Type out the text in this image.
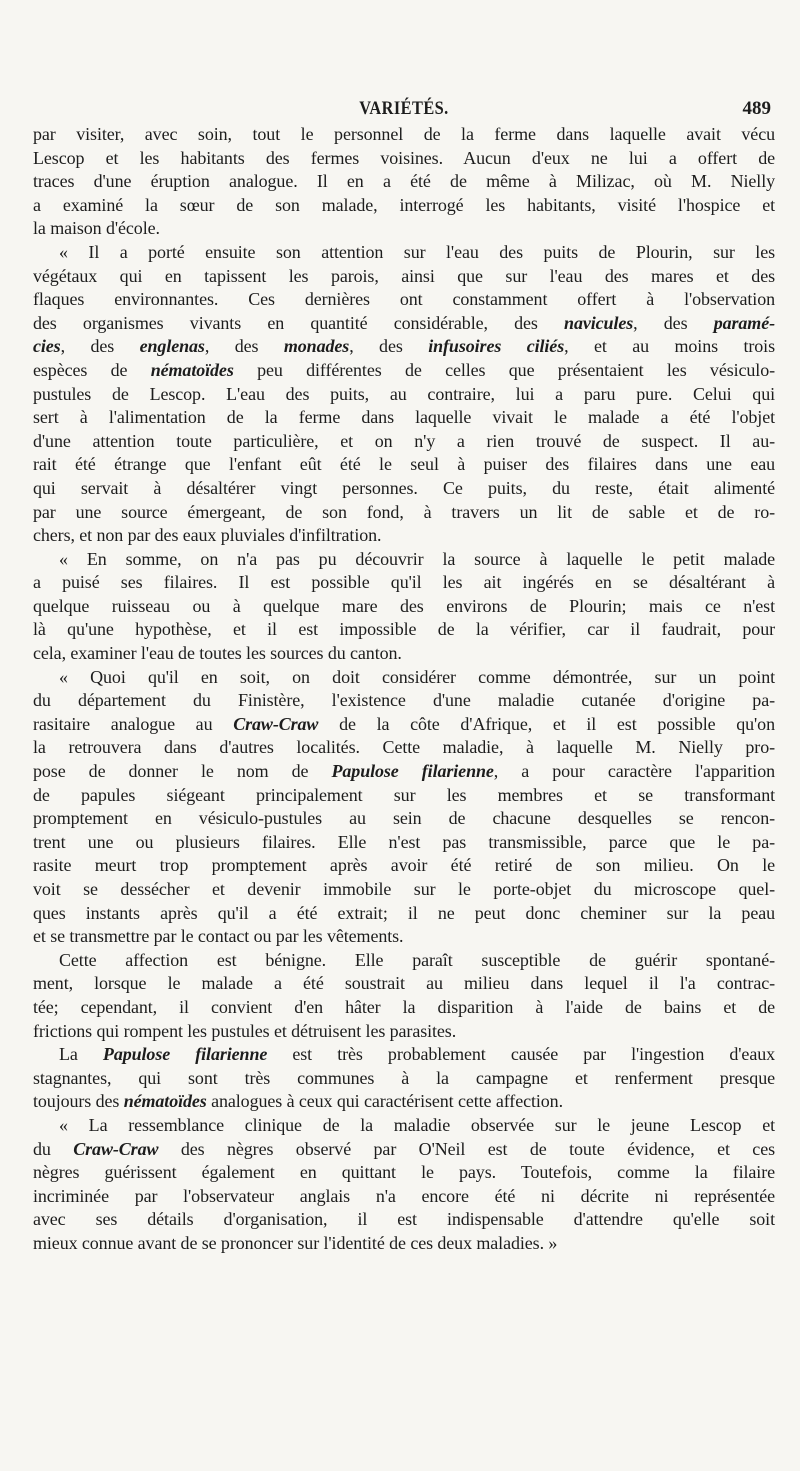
VARIÉTÉS.	489

par visiter, avec soin, tout le personnel de la ferme dans laquelle avait vécu
Lescop et les habitants des fermes voisines. Aucun d'eux ne lui a offert de
traces d'une éruption analogue. Il en a été de même à Milizac, où M. Nielly
a examiné la sœur de son malade, interrogé les habitants, visité l'hospice et
la maison d'école.

« Il a porté ensuite son attention sur l'eau des puits de Plourin, sur les
végétaux qui en tapissent les parois, ainsi que sur l'eau des mares et des
flaques environnantes. Ces dernières ont constamment offert à l'observation
des organismes vivants en quantité considérable, des navicules, des paramé-
cies, des englenas, des monades, des infusoires ciliés, et au moins trois
espèces de nématoïdes peu différentes de celles que présentaient les vésiculo-
pustules de Lescop. L'eau des puits, au contraire, lui a paru pure. Celui qui
sert à l'alimentation de la ferme dans laquelle vivait le malade a été l'objet
d'une attention toute particulière, et on n'y a rien trouvé de suspect. Il au-
rait été étrange que l'enfant eût été le seul à puiser des filaires dans une eau
qui servait à désaltérer vingt personnes. Ce puits, du reste, était alimenté
par une source émergeant, de son fond, à travers un lit de sable et de ro-
chers, et non par des eaux pluviales d'infiltration.

« En somme, on n'a pas pu découvrir la source à laquelle le petit malade
a puisé ses filaires. Il est possible qu'il les ait ingérés en se désaltérant à
quelque ruisseau ou à quelque mare des environs de Plourin; mais ce n'est
là qu'une hypothèse, et il est impossible de la vérifier, car il faudrait, pour
cela, examiner l'eau de toutes les sources du canton.

« Quoi qu'il en soit, on doit considérer comme démontrée, sur un point
du département du Finistère, l'existence d'une maladie cutanée d'origine pa-
rasitaire analogue au Craw-Craw de la côte d'Afrique, et il est possible qu'on
la retrouvera dans d'autres localités. Cette maladie, à laquelle M. Nielly pro-
pose de donner le nom de Papulose filarienne, a pour caractère l'apparition
de papules siégeant principalement sur les membres et se transformant
promptement en vésiculo-pustules au sein de chacune desquelles se rencon-
trent une ou plusieurs filaires. Elle n'est pas transmissible, parce que le pa-
rasite meurt trop promptement après avoir été retiré de son milieu. On le
voit se dessécher et devenir immobile sur le porte-objet du microscope quel-
ques instants après qu'il a été extrait; il ne peut donc cheminer sur la peau
et se transmettre par le contact ou par les vêtements.

Cette affection est bénigne. Elle paraît susceptible de guérir spontané-
ment, lorsque le malade a été soustrait au milieu dans lequel il l'a contrac-
tée; cependant, il convient d'en hâter la disparition à l'aide de bains et de
frictions qui rompent les pustules et détruisent les parasites.

La Papulose filarienne est très probablement causée par l'ingestion d'eaux
stagnantes, qui sont très communes à la campagne et renferment presque
toujours des nématoïdes analogues à ceux qui caractérisent cette affection.

« La ressemblance clinique de la maladie observée sur le jeune Lescop et
du Craw-Craw des nègres observé par O'Neil est de toute évidence, et ces
nègres guérissent également en quittant le pays. Toutefois, comme la filaire
incriminée par l'observateur anglais n'a encore été ni décrite ni représentée
avec ses détails d'organisation, il est indispensable d'attendre qu'elle soit
mieux connue avant de se prononcer sur l'identité de ces deux maladies. »
